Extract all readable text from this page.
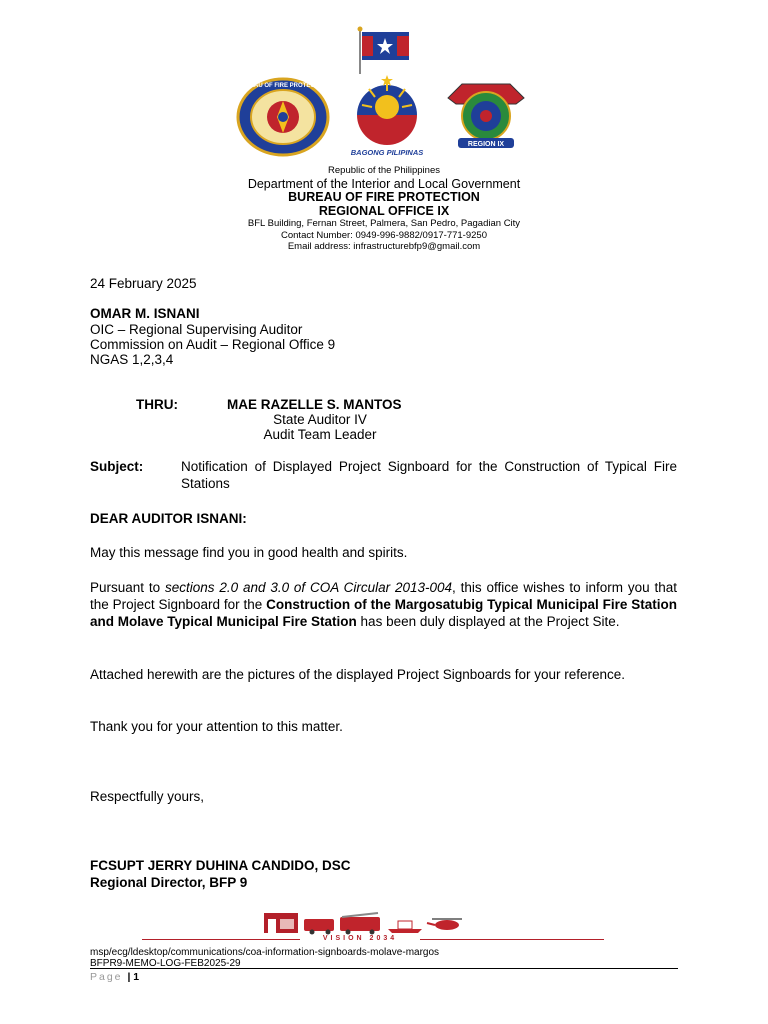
BUREAU OF FIRE PROTECTION
BAGONG PILIPINAS
REGION IX
Republic of the Philippines
Department of the Interior and Local Government
BUREAU OF FIRE PROTECTION
REGIONAL OFFICE IX
BFL Building, Fernan Street, Palmera, San Pedro, Pagadian City
Contact Number: 0949-996-9882/0917-771-9250
Email address: infrastructurebfp9@gmail.com
24 February 2025
OMAR M. ISNANI
OIC – Regional Supervising Auditor
Commission on Audit – Regional Office 9
NGAS 1,2,3,4
THRU:	MAE RAZELLE S. MANTOS
State Auditor IV
Audit Team Leader
Subject:	Notification of Displayed Project Signboard for the Construction of Typical Fire Stations
DEAR AUDITOR ISNANI:
May this message find you in good health and spirits.
Pursuant to sections 2.0 and 3.0 of COA Circular 2013-004, this office wishes to inform you that the Project Signboard for the Construction of the Margosatubig Typical Municipal Fire Station and Molave Typical Municipal Fire Station has been duly displayed at the Project Site.
Attached herewith are the pictures of the displayed Project Signboards for your reference.
Thank you for your attention to this matter.
Respectfully yours,
FCSUPT JERRY DUHINA CANDIDO, DSC
Regional Director, BFP 9
VISION 2034
msp/ecg/ldesktop/communications/coa-information-signboards-molave-margos
BFPR9-MEMO-LOG-FEB2025-29
Page | 1
